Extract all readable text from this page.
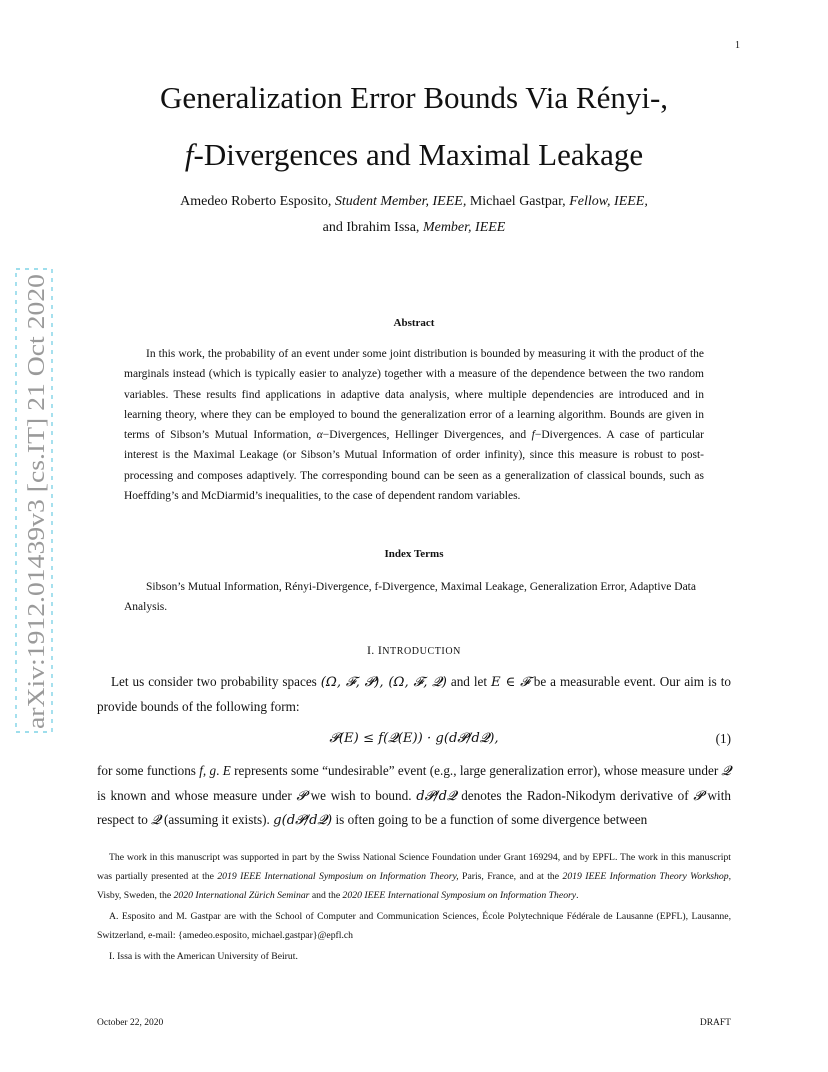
1
Generalization Error Bounds Via Rényi-,
f-Divergences and Maximal Leakage
Amedeo Roberto Esposito, Student Member, IEEE, Michael Gastpar, Fellow, IEEE,
and Ibrahim Issa, Member, IEEE
arXiv:1912.01439v3 [cs.IT] 21 Oct 2020
Abstract

In this work, the probability of an event under some joint distribution is bounded by measuring it with the product of the marginals instead (which is typically easier to analyze) together with a measure of the dependence between the two random variables. These results find applications in adaptive data analysis, where multiple dependencies are introduced and in learning theory, where they can be employed to bound the generalization error of a learning algorithm. Bounds are given in terms of Sibson’s Mutual Information, α−Divergences, Hellinger Divergences, and f−Divergences. A case of particular interest is the Maximal Leakage (or Sibson’s Mutual Information of order infinity), since this measure is robust to post-processing and composes adaptively. The corresponding bound can be seen as a generalization of classical bounds, such as Hoeffding’s and McDiarmid’s inequalities, to the case of dependent random variables.

Index Terms

Sibson’s Mutual Information, Rényi-Divergence, f-Divergence, Maximal Leakage, Generalization Error, Adaptive Data Analysis.

I. INTRODUCTION

Let us consider two probability spaces (Ω, 𝓕, 𝓟), (Ω, 𝓕, 𝓠) and let E ∈ 𝓕 be a measurable event. Our aim is to provide bounds of the following form:

𝓟(E) ≤ f(𝓠(E)) · g(d𝓟/d𝓠),	(1)

for some functions f, g. E represents some “undesirable” event (e.g., large generalization error), whose measure under 𝓠 is known and whose measure under 𝓟 we wish to bound. d𝓟/d𝓠 denotes the Radon-Nikodym derivative of 𝓟 with respect to 𝓠 (assuming it exists). g(d𝓟/d𝓠) is often going to be a function of some divergence between

The work in this manuscript was supported in part by the Swiss National Science Foundation under Grant 169294, and by EPFL. The work in this manuscript was partially presented at the 2019 IEEE International Symposium on Information Theory, Paris, France, and at the 2019 IEEE Information Theory Workshop, Visby, Sweden, the 2020 International Zürich Seminar and the 2020 IEEE International Symposium on Information Theory.

A. Esposito and M. Gastpar are with the School of Computer and Communication Sciences, École Polytechnique Fédérale de Lausanne (EPFL), Lausanne, Switzerland, e-mail: {amedeo.esposito, michael.gastpar}@epfl.ch

I. Issa is with the American University of Beirut.

October 22, 2020	DRAFT
